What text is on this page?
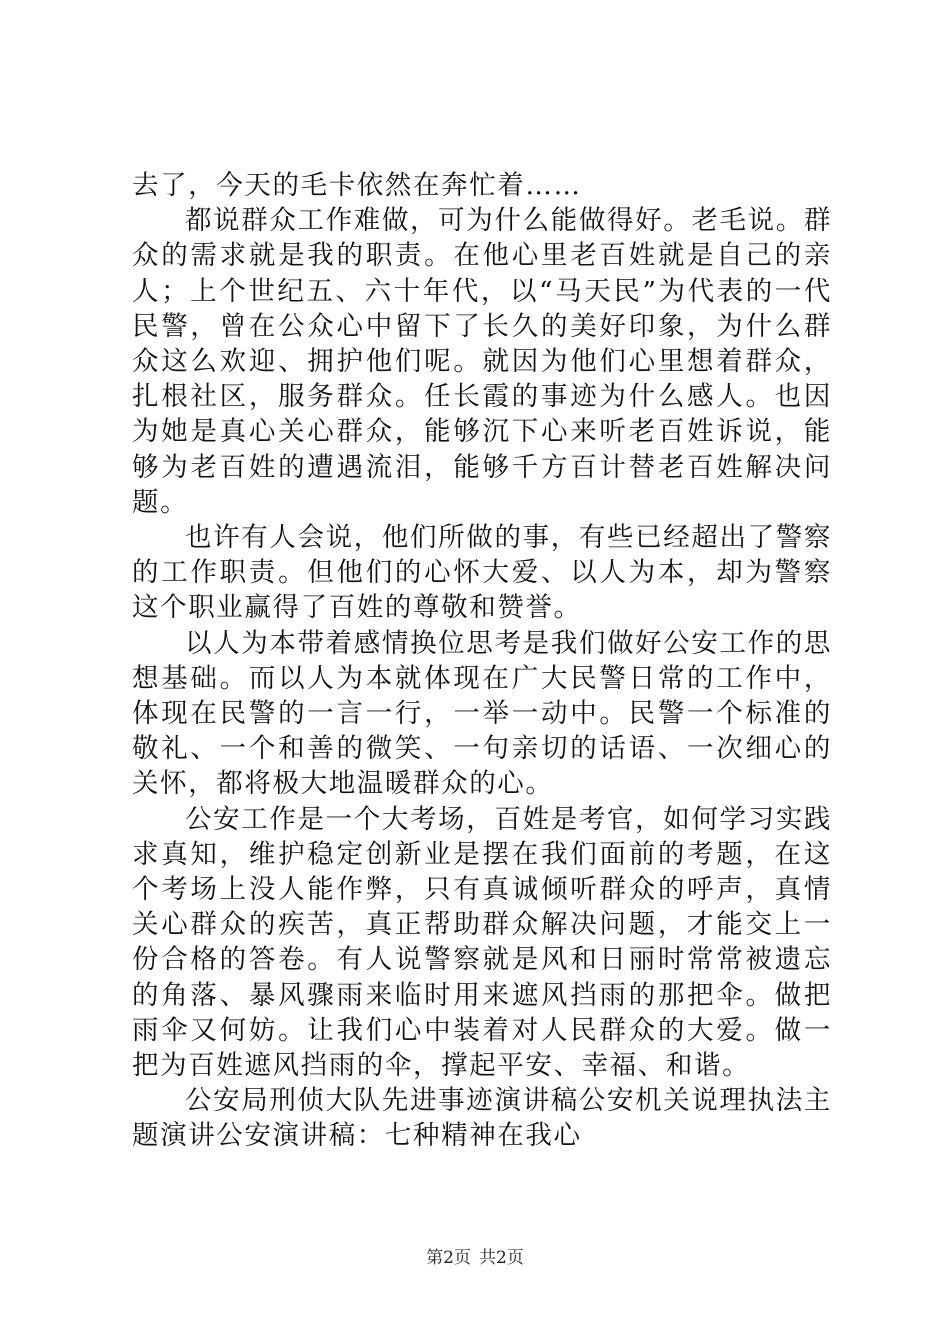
去了，今天的毛卡依然在奔忙着……

都说群众工作难做，可为什么能做得好。老毛说。群众的需求就是我的职责。在他心里老百姓就是自己的亲人；上个世纪五、六十年代，以“马天民”为代表的一代民警，曾在公众心中留下了长久的美好印象，为什么群众这么欢迎、拥护他们呢。就因为他们心里想着群众，扎根社区，服务群众。任长霞的事迹为什么感人。也因为她是真心关心群众，能够沉下心来听老百姓诉说，能够为老百姓的遭遇流泪，能够千方百计替老百姓解决问题。

也许有人会说，他们所做的事，有些已经超出了警察的工作职责。但他们的心怀大爱、以人为本，却为警察这个职业赢得了百姓的尊敬和赞誉。

以人为本带着感情换位思考是我们做好公安工作的思想基础。而以人为本就体现在广大民警日常的工作中，体现在民警的一言一行，一举一动中。民警一个标准的敬礼、一个和善的微笑、一句亲切的话语、一次细心的关怀，都将极大地温暖群众的心。

公安工作是一个大考场，百姓是考官，如何学习实践求真知，维护稳定创新业是摆在我们面前的考题，在这个考场上没人能作弊，只有真诚倾听群众的呼声，真情关心群众的疾苦，真正帮助群众解决问题，才能交上一份合格的答卷。有人说警察就是风和日丽时常常被遗忘的角落、暴风骤雨来临时用来遮风挡雨的那把伞。做把雨伞又何妨。让我们心中装着对人民群众的大爱。做一把为百姓遮风挡雨的伞，撑起平安、幸福、和谐。

公安局刑侦大队先进事迹演讲稿公安机关说理执法主题演讲公安演讲稿：七种精神在我心

第2页 共2页
